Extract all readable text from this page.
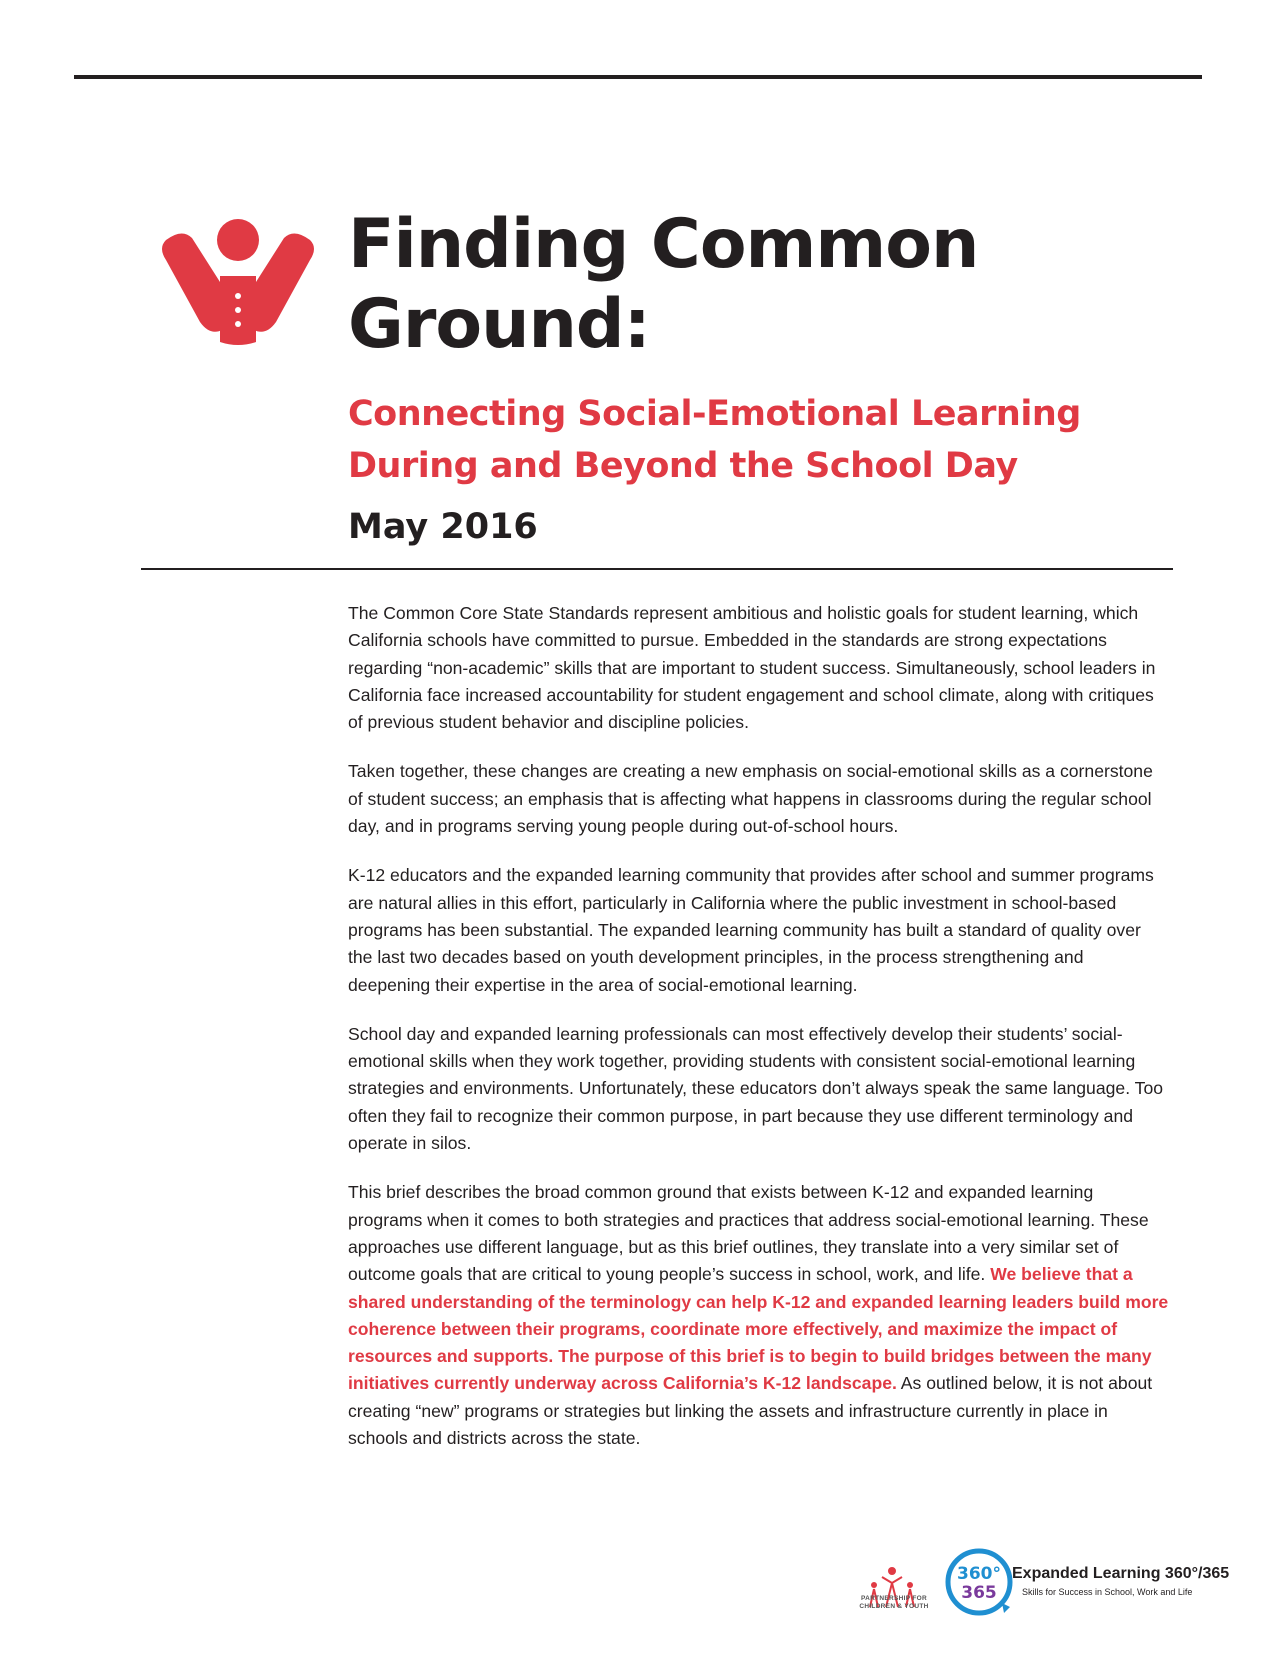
Finding Common
Ground:
Connecting Social-Emotional Learning
During and Beyond the School Day
May 2016

The Common Core State Standards represent ambitious and holistic goals for student learning, which California schools have committed to pursue. Embedded in the standards are strong expectations regarding “non-academic” skills that are important to student success. Simultaneously, school leaders in California face increased accountability for student engagement and school climate, along with critiques of previous student behavior and discipline policies.

Taken together, these changes are creating a new emphasis on social-emotional skills as a cornerstone of student success; an emphasis that is affecting what happens in classrooms during the regular school day, and in programs serving young people during out-of-school hours.

K-12 educators and the expanded learning community that provides after school and summer programs are natural allies in this effort, particularly in California where the public investment in school-based programs has been substantial. The expanded learning community has built a standard of quality over the last two decades based on youth development principles, in the process strengthening and deepening their expertise in the area of social-emotional learning.

School day and expanded learning professionals can most effectively develop their students’ social-emotional skills when they work together, providing students with consistent social-emotional learning strategies and environments. Unfortunately, these educators don’t always speak the same language. Too often they fail to recognize their common purpose, in part because they use different terminology and operate in silos.

This brief describes the broad common ground that exists between K-12 and expanded learning programs when it comes to both strategies and practices that address social-emotional learning. These approaches use different language, but as this brief outlines, they translate into a very similar set of outcome goals that are critical to young people’s success in school, work, and life. We believe that a shared understanding of the terminology can help K-12 and expanded learning leaders build more coherence between their programs, coordinate more effectively, and maximize the impact of resources and supports. The purpose of this brief is to begin to build bridges between the many initiatives currently underway across California’s K-12 landscape. As outlined below, it is not about creating “new” programs or strategies but linking the assets and infrastructure currently in place in schools and districts across the state.

PARTNERSHIP FOR
CHILDREN & YOUTH
360°
365
Expanded Learning 360°/365
Skills for Success in School, Work and Life
